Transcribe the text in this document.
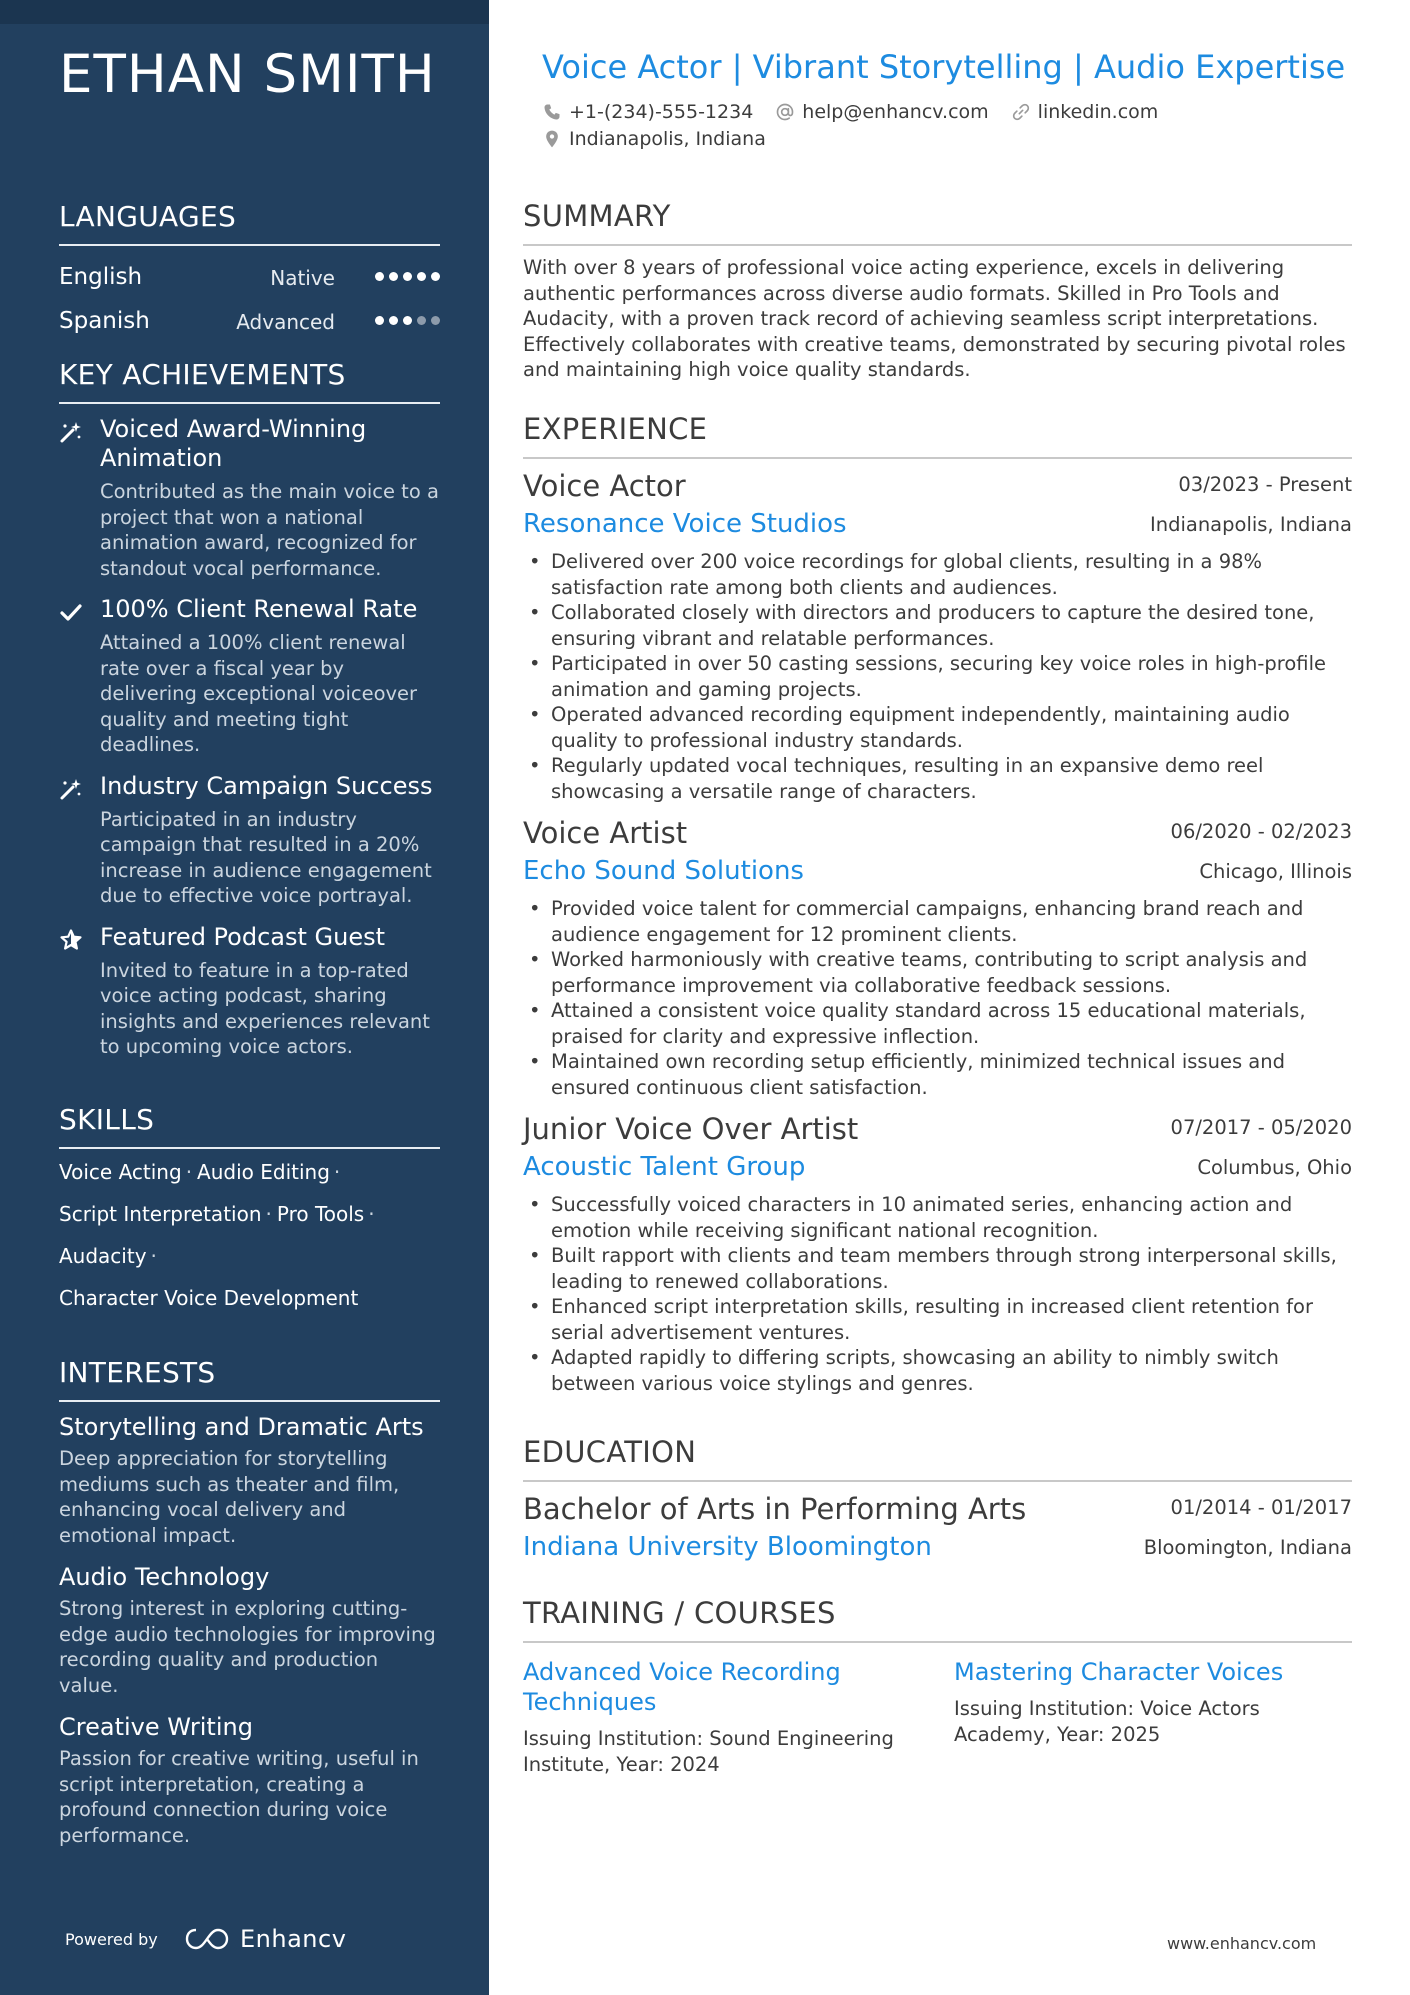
ETHAN SMITH
LANGUAGES
English	Native
Spanish	Advanced
KEY ACHIEVEMENTS
Voiced Award-Winning Animation
Contributed as the main voice to a project that won a national animation award, recognized for standout vocal performance.
100% Client Renewal Rate
Attained a 100% client renewal rate over a fiscal year by delivering exceptional voiceover quality and meeting tight deadlines.
Industry Campaign Success
Participated in an industry campaign that resulted in a 20% increase in audience engagement due to effective voice portrayal.
Featured Podcast Guest
Invited to feature in a top-rated voice acting podcast, sharing insights and experiences relevant to upcoming voice actors.
SKILLS
Voice Acting · Audio Editing ·
Script Interpretation · Pro Tools ·
Audacity ·
Character Voice Development
INTERESTS
Storytelling and Dramatic Arts
Deep appreciation for storytelling mediums such as theater and film, enhancing vocal delivery and emotional impact.
Audio Technology
Strong interest in exploring cutting-edge audio technologies for improving recording quality and production value.
Creative Writing
Passion for creative writing, useful in script interpretation, creating a profound connection during voice performance.
Powered by	Enhancv
Voice Actor | Vibrant Storytelling | Audio Expertise
+1-(234)-555-1234	help@enhancv.com	linkedin.com
Indianapolis, Indiana
SUMMARY
With over 8 years of professional voice acting experience, excels in delivering authentic performances across diverse audio formats. Skilled in Pro Tools and Audacity, with a proven track record of achieving seamless script interpretations. Effectively collaborates with creative teams, demonstrated by securing pivotal roles and maintaining high voice quality standards.
EXPERIENCE
Voice Actor	03/2023 - Present
Resonance Voice Studios	Indianapolis, Indiana
• Delivered over 200 voice recordings for global clients, resulting in a 98% satisfaction rate among both clients and audiences.
• Collaborated closely with directors and producers to capture the desired tone, ensuring vibrant and relatable performances.
• Participated in over 50 casting sessions, securing key voice roles in high-profile animation and gaming projects.
• Operated advanced recording equipment independently, maintaining audio quality to professional industry standards.
• Regularly updated vocal techniques, resulting in an expansive demo reel showcasing a versatile range of characters.
Voice Artist	06/2020 - 02/2023
Echo Sound Solutions	Chicago, Illinois
• Provided voice talent for commercial campaigns, enhancing brand reach and audience engagement for 12 prominent clients.
• Worked harmoniously with creative teams, contributing to script analysis and performance improvement via collaborative feedback sessions.
• Attained a consistent voice quality standard across 15 educational materials, praised for clarity and expressive inflection.
• Maintained own recording setup efficiently, minimized technical issues and ensured continuous client satisfaction.
Junior Voice Over Artist	07/2017 - 05/2020
Acoustic Talent Group	Columbus, Ohio
• Successfully voiced characters in 10 animated series, enhancing action and emotion while receiving significant national recognition.
• Built rapport with clients and team members through strong interpersonal skills, leading to renewed collaborations.
• Enhanced script interpretation skills, resulting in increased client retention for serial advertisement ventures.
• Adapted rapidly to differing scripts, showcasing an ability to nimbly switch between various voice stylings and genres.
EDUCATION
Bachelor of Arts in Performing Arts	01/2014 - 01/2017
Indiana University Bloomington	Bloomington, Indiana
TRAINING / COURSES
Advanced Voice Recording Techniques
Issuing Institution: Sound Engineering Institute, Year: 2024
Mastering Character Voices
Issuing Institution: Voice Actors Academy, Year: 2025
www.enhancv.com
